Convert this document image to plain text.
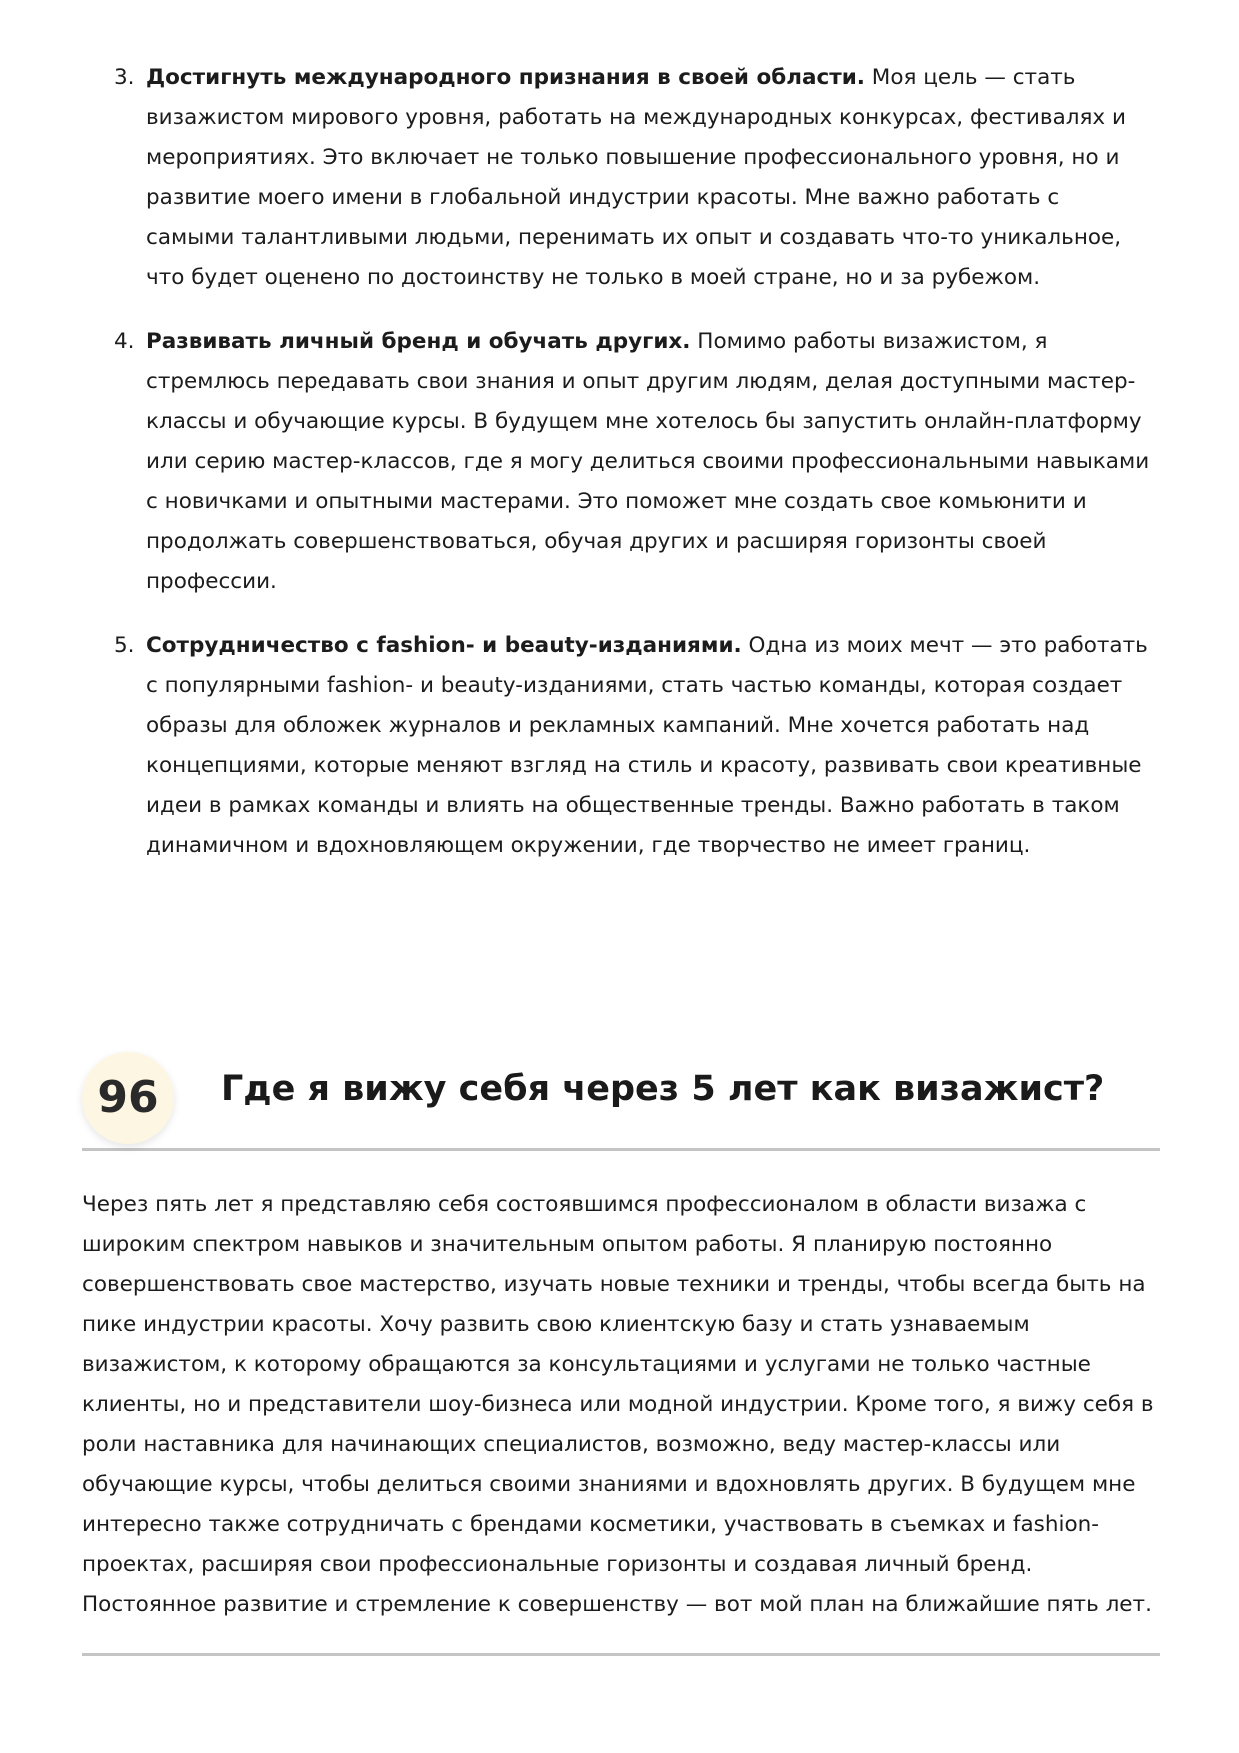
3. Достигнуть международного признания в своей области. Моя цель — стать визажистом мирового уровня, работать на международных конкурсах, фестивалях и мероприятиях. Это включает не только повышение профессионального уровня, но и развитие моего имени в глобальной индустрии красоты. Мне важно работать с самыми талантливыми людьми, перенимать их опыт и создавать что-то уникальное, что будет оценено по достоинству не только в моей стране, но и за рубежом.
4. Развивать личный бренд и обучать других. Помимо работы визажистом, я стремлюсь передавать свои знания и опыт другим людям, делая доступными мастер-классы и обучающие курсы. В будущем мне хотелось бы запустить онлайн-платформу или серию мастер-классов, где я могу делиться своими профессиональными навыками с новичками и опытными мастерами. Это поможет мне создать свое комьюнити и продолжать совершенствоваться, обучая других и расширяя горизонты своей профессии.
5. Сотрудничество с fashion- и beauty-изданиями. Одна из моих мечт — это работать с популярными fashion- и beauty-изданиями, стать частью команды, которая создает образы для обложек журналов и рекламных кампаний. Мне хочется работать над концепциями, которые меняют взгляд на стиль и красоту, развивать свои креативные идеи в рамках команды и влиять на общественные тренды. Важно работать в таком динамичном и вдохновляющем окружении, где творчество не имеет границ.
96	Где я вижу себя через 5 лет как визажист?

Через пять лет я представляю себя состоявшимся профессионалом в области визажа с широким спектром навыков и значительным опытом работы. Я планирую постоянно совершенствовать свое мастерство, изучать новые техники и тренды, чтобы всегда быть на пике индустрии красоты. Хочу развить свою клиентскую базу и стать узнаваемым визажистом, к которому обращаются за консультациями и услугами не только частные клиенты, но и представители шоу-бизнеса или модной индустрии. Кроме того, я вижу себя в роли наставника для начинающих специалистов, возможно, веду мастер-классы или обучающие курсы, чтобы делиться своими знаниями и вдохновлять других. В будущем мне интересно также сотрудничать с брендами косметики, участвовать в съемках и fashion-проектах, расширяя свои профессиональные горизонты и создавая личный бренд. Постоянное развитие и стремление к совершенству — вот мой план на ближайшие пять лет.
